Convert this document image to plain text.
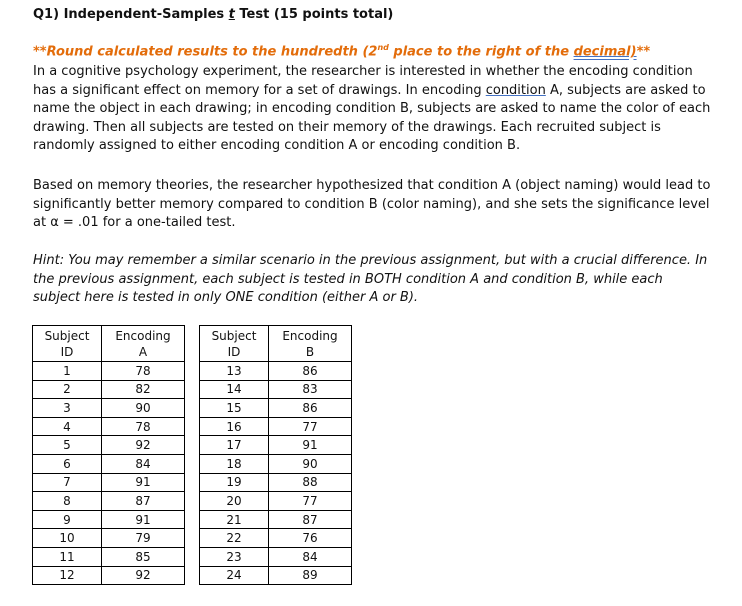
Q1) Independent-Samples t Test (15 points total)
**Round calculated results to the hundredth (2nd place to the right of the decimal)**

In a cognitive psychology experiment, the researcher is interested in whether the encoding condition has a significant effect on memory for a set of drawings. In encoding condition A, subjects are asked to name the object in each drawing; in encoding condition B, subjects are asked to name the color of each drawing. Then all subjects are tested on their memory of the drawings. Each recruited subject is randomly assigned to either encoding condition A or encoding condition B.

Based on memory theories, the researcher hypothesized that condition A (object naming) would lead to significantly better memory compared to condition B (color naming), and she sets the significance level at α = .01 for a one-tailed test.

Hint: You may remember a similar scenario in the previous assignment, but with a crucial difference. In the previous assignment, each subject is tested in BOTH condition A and condition B, while each subject here is tested in only ONE condition (either A or B).

Subject
ID	Encoding
A
1	78
2	82
3	90
4	78
5	92
6	84
7	91
8	87
9	91
10	79
11	85
12	92
Subject
ID	Encoding
B
13	86
14	83
15	86
16	77
17	91
18	90
19	88
20	77
21	87
22	76
23	84
24	89
